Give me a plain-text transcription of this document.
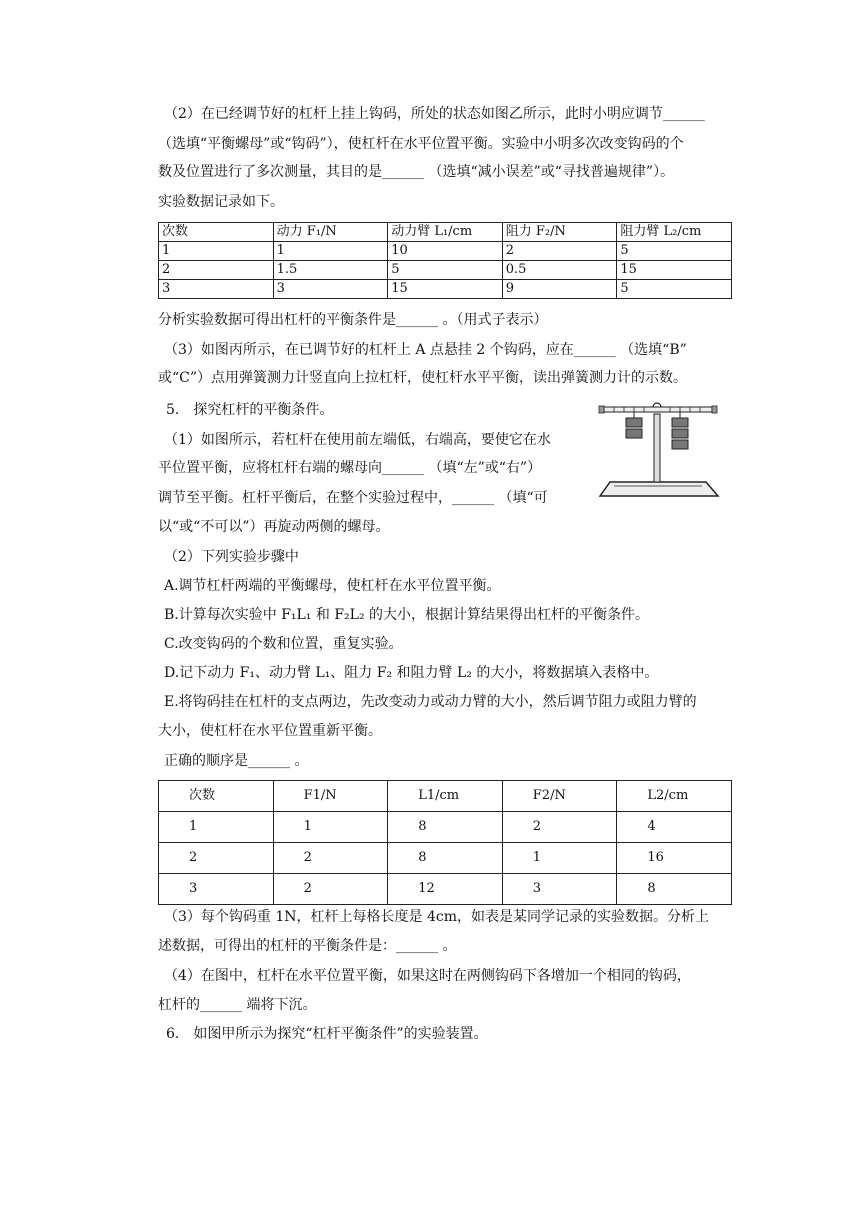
（2）在已经调节好的杠杆上挂上钩码，所处的状态如图乙所示，此时小明应调节______
（选填“平衡螺母”或“钩码”），使杠杆在水平位置平衡。实验中小明多次改变钩码的个
数及位置进行了多次测量，其目的是______ （选填“减小误差”或“寻找普遍规律”）。
实验数据记录如下。
次数	动力 F₁/N	动力臂 L₁/cm	阻力 F₂/N	阻力臂 L₂/cm
1	1	10	2	5
2	1.5	5	0.5	15
3	3	15	9	5
分析实验数据可得出杠杆的平衡条件是______ 。（用式子表示）
（3）如图丙所示，在已调节好的杠杆上 A 点悬挂 2 个钩码，应在______ （选填“B”
或“C”）点用弹簧测力计竖直向上拉杠杆，使杠杆水平平衡，读出弹簧测力计的示数。
5.　探究杠杆的平衡条件。
（1）如图所示，若杠杆在使用前左端低，右端高，要使它在水
平位置平衡，应将杠杆右端的螺母向______ （填“左”或“右”）
调节至平衡。杠杆平衡后，在整个实验过程中，______ （填“可
以“或“不可以”）再旋动两侧的螺母。
（2）下列实验步骤中
A.调节杠杆两端的平衡螺母，使杠杆在水平位置平衡。
B.计算每次实验中 F₁L₁ 和 F₂L₂ 的大小，根据计算结果得出杠杆的平衡条件。
C.改变钩码的个数和位置，重复实验。
D.记下动力 F₁、动力臂 L₁、阻力 F₂ 和阻力臂 L₂ 的大小，将数据填入表格中。
E.将钩码挂在杠杆的支点两边，先改变动力或动力臂的大小，然后调节阻力或阻力臂的
大小，使杠杆在水平位置重新平衡。
正确的顺序是______ 。
次数	F1/N	L1/cm	F2/N	L2/cm
1	1	8	2	4
2	2	8	1	16
3	2	12	3	8
（3）每个钩码重 1N，杠杆上每格长度是 4cm，如表是某同学记录的实验数据。分析上
述数据，可得出的杠杆的平衡条件是：______ 。
（4）在图中，杠杆在水平位置平衡，如果这时在两侧钩码下各增加一个相同的钩码，
杠杆的______ 端将下沉。
6.　如图甲所示为探究“杠杆平衡条件”的实验装置。
